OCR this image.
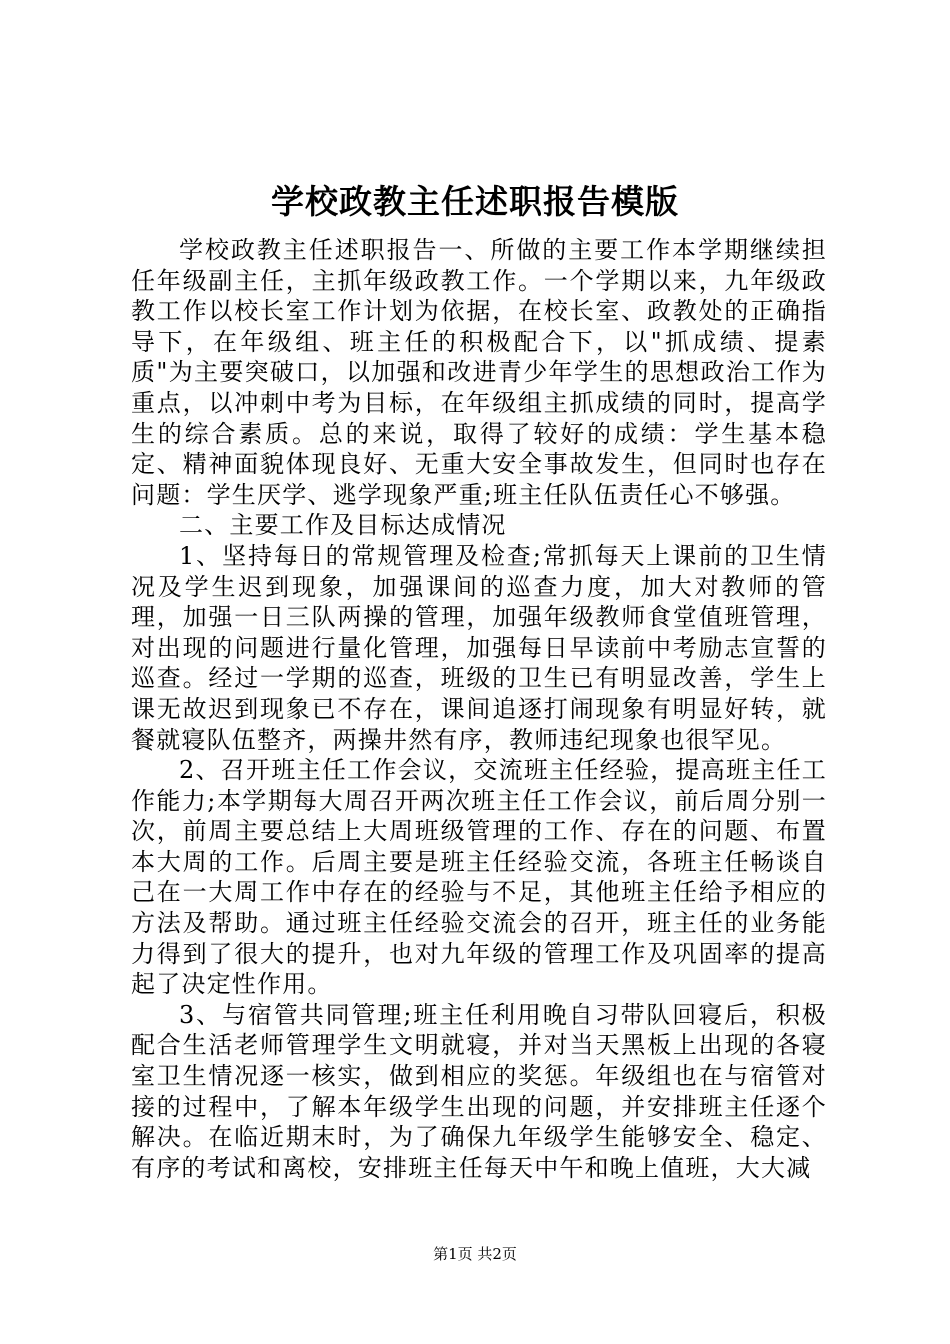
学校政教主任述职报告模版

学校政教主任述职报告一、所做的主要工作本学期继续担任年级副主任，主抓年级政教工作。一个学期以来，九年级政教工作以校长室工作计划为依据，在校长室、政教处的正确指导下，在年级组、班主任的积极配合下，以"抓成绩、提素质"为主要突破口，以加强和改进青少年学生的思想政治工作为重点，以冲刺中考为目标，在年级组主抓成绩的同时，提高学生的综合素质。总的来说，取得了较好的成绩：学生基本稳定、精神面貌体现良好、无重大安全事故发生，但同时也存在问题：学生厌学、逃学现象严重;班主任队伍责任心不够强。

二、主要工作及目标达成情况

1、坚持每日的常规管理及检查;常抓每天上课前的卫生情况及学生迟到现象，加强课间的巡查力度，加大对教师的管理，加强一日三队两操的管理，加强年级教师食堂值班管理，对出现的问题进行量化管理，加强每日早读前中考励志宣誓的巡查。经过一学期的巡查，班级的卫生已有明显改善，学生上课无故迟到现象已不存在，课间追逐打闹现象有明显好转，就餐就寝队伍整齐，两操井然有序，教师违纪现象也很罕见。

2、召开班主任工作会议，交流班主任经验，提高班主任工作能力;本学期每大周召开两次班主任工作会议，前后周分别一次，前周主要总结上大周班级管理的工作、存在的问题、布置本大周的工作。后周主要是班主任经验交流，各班主任畅谈自己在一大周工作中存在的经验与不足，其他班主任给予相应的方法及帮助。通过班主任经验交流会的召开，班主任的业务能力得到了很大的提升，也对九年级的管理工作及巩固率的提高起了决定性作用。

3、与宿管共同管理;班主任利用晚自习带队回寝后，积极配合生活老师管理学生文明就寝，并对当天黑板上出现的各寝室卫生情况逐一核实，做到相应的奖惩。年级组也在与宿管对接的过程中，了解本年级学生出现的问题，并安排班主任逐个解决。在临近期末时，为了确保九年级学生能够安全、稳定、有序的考试和离校，安排班主任每天中午和晚上值班，大大减

第1页 共2页
